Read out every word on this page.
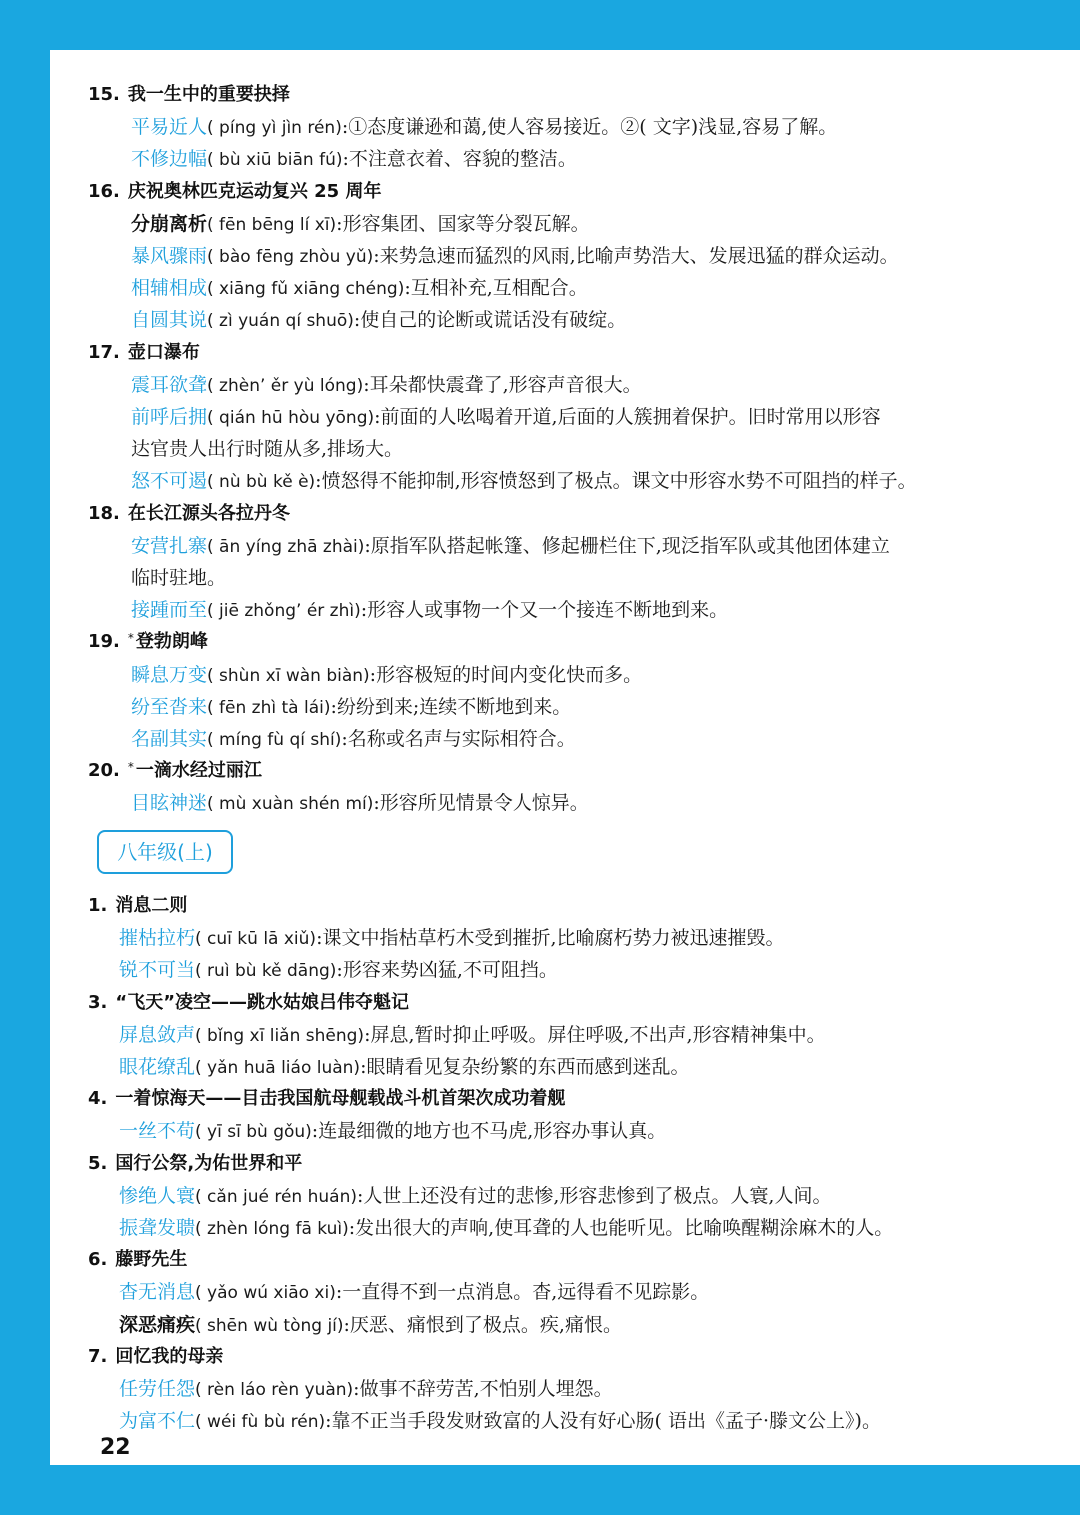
15. 我一生中的重要抉择
平易近人( píng yì jìn rén):①态度谦逊和蔼,使人容易接近。②( 文字)浅显,容易了解。
不修边幅( bù xiū biān fú):不注意衣着、容貌的整洁。
16. 庆祝奥林匹克运动复兴 25 周年
分崩离析( fēn bēng lí xī):形容集团、国家等分裂瓦解。
暴风骤雨( bào fēng zhòu yǔ):来势急速而猛烈的风雨,比喻声势浩大、发展迅猛的群众运动。
相辅相成( xiāng fǔ xiāng chéng):互相补充,互相配合。
自圆其说( zì yuán qí shuō):使自己的论断或谎话没有破绽。
17. 壶口瀑布
震耳欲聋( zhèn’ ěr yù lóng):耳朵都快震聋了,形容声音很大。
前呼后拥( qián hū hòu yōng):前面的人吆喝着开道,后面的人簇拥着保护。旧时常用以形容
达官贵人出行时随从多,排场大。
怒不可遏( nù bù kě è):愤怒得不能抑制,形容愤怒到了极点。课文中形容水势不可阻挡的样子。
18. 在长江源头各拉丹冬
安营扎寨( ān yíng zhā zhài):原指军队搭起帐篷、修起栅栏住下,现泛指军队或其他团体建立
临时驻地。
接踵而至( jiē zhǒng’ ér zhì):形容人或事物一个又一个接连不断地到来。
19. * 登勃朗峰
瞬息万变( shùn xī wàn biàn):形容极短的时间内变化快而多。
纷至沓来( fēn zhì tà lái):纷纷到来;连续不断地到来。
名副其实( míng fù qí shí):名称或名声与实际相符合。
20. * 一滴水经过丽江
目眩神迷( mù xuàn shén mí):形容所见情景令人惊异。
1. 消息二则
摧枯拉朽( cuī kū lā xiǔ):课文中指枯草朽木受到摧折,比喻腐朽势力被迅速摧毁。
锐不可当( ruì bù kě dāng):形容来势凶猛,不可阻挡。
3. “飞天”凌空——跳水姑娘吕伟夺魁记
屏息敛声( bǐng xī liǎn shēng):屏息,暂时抑止呼吸。屏住呼吸,不出声,形容精神集中。
眼花缭乱( yǎn huā liáo luàn):眼睛看见复杂纷繁的东西而感到迷乱。
4. 一着惊海天——目击我国航母舰载战斗机首架次成功着舰
一丝不苟( yī sī bù gǒu):连最细微的地方也不马虎,形容办事认真。
5. 国行公祭,为佑世界和平
惨绝人寰( cǎn jué rén huán):人世上还没有过的悲惨,形容悲惨到了极点。人寰,人间。
振聋发聩( zhèn lóng fā kuì):发出很大的声响,使耳聋的人也能听见。比喻唤醒糊涂麻木的人。
6. 藤野先生
杳无消息( yǎo wú xiāo xi):一直得不到一点消息。杳,远得看不见踪影。
深恶痛疾( shēn wù tòng jí):厌恶、痛恨到了极点。疾,痛恨。
7. 回忆我的母亲
任劳任怨( rèn láo rèn yuàn):做事不辞劳苦,不怕别人埋怨。
为富不仁( wéi fù bù rén):靠不正当手段发财致富的人没有好心肠( 语出《孟子·滕文公上》)。
八年级(上)
22
